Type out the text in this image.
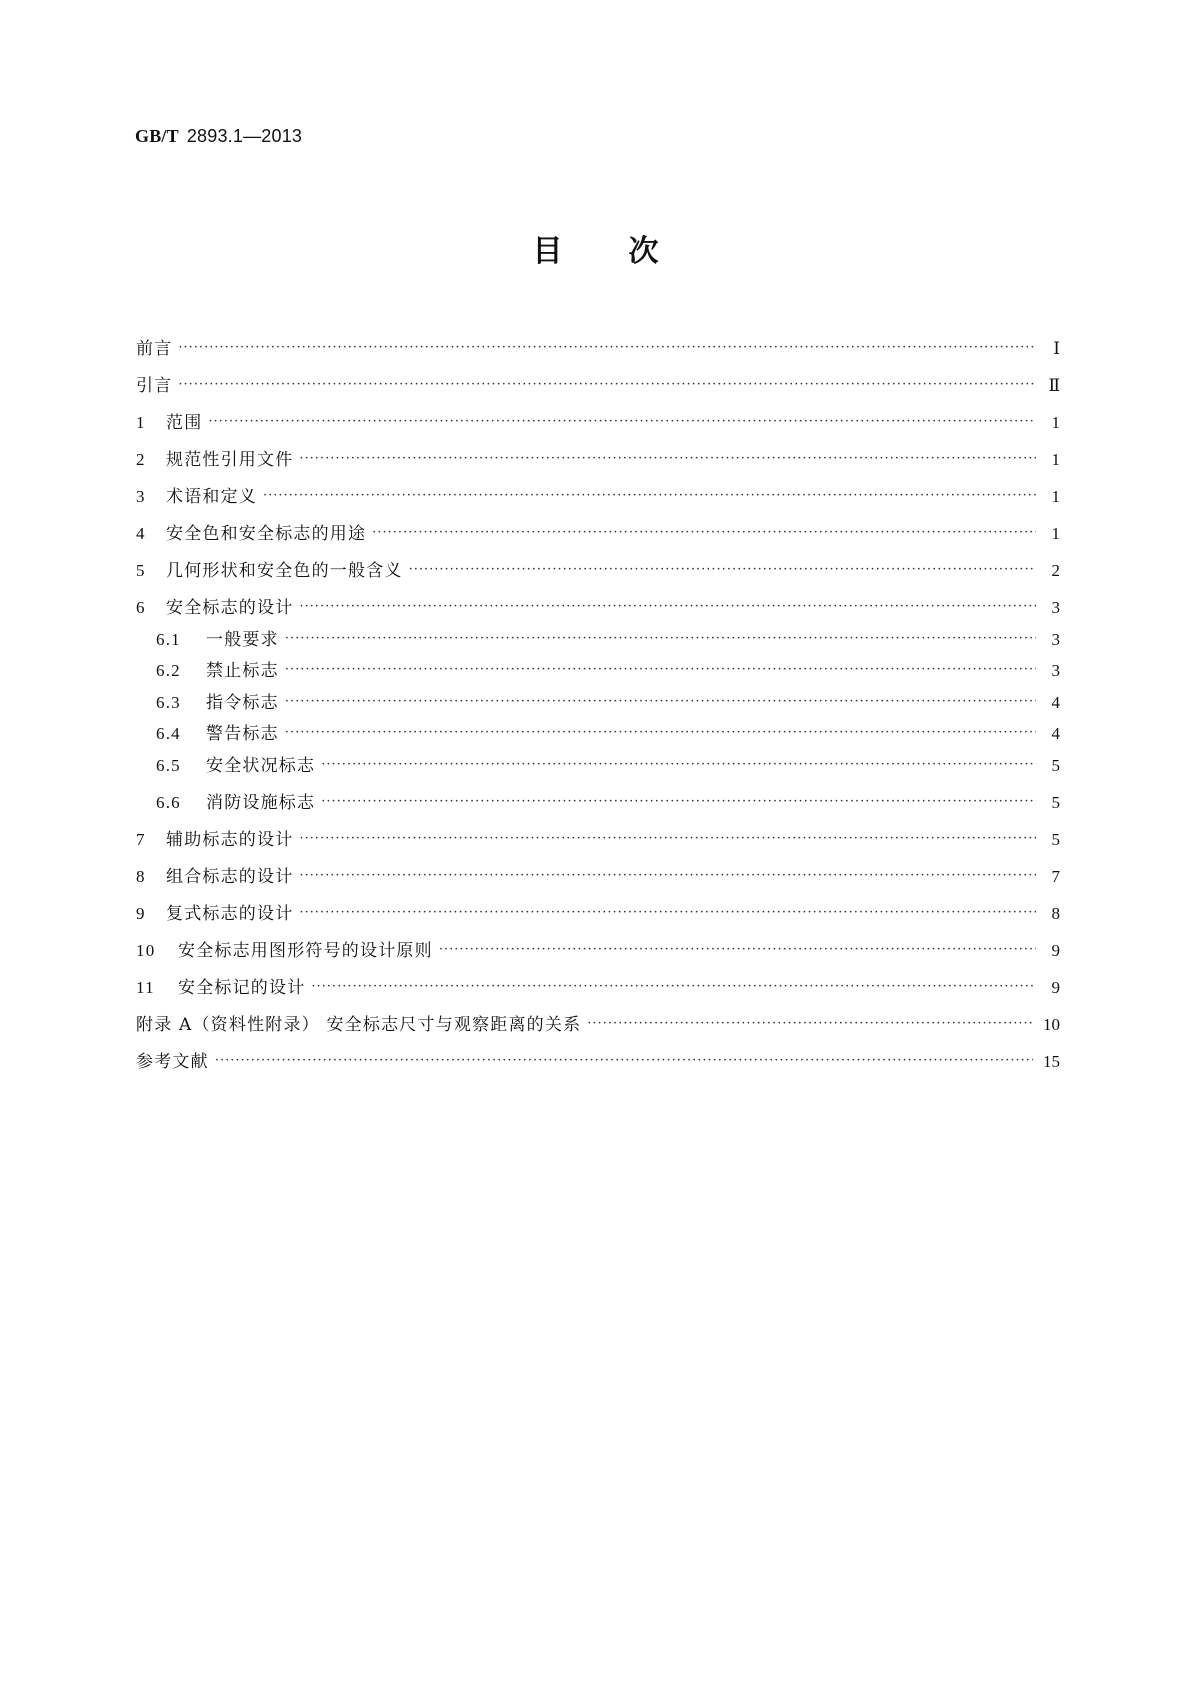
GB/T 2893.1—2013
目 次
前言 ·····	Ⅰ
引言 ·····	Ⅱ
1 范围 ·····	1
2 规范性引用文件 ·····	1
3 术语和定义 ·····	1
4 安全色和安全标志的用途 ·····	1
5 几何形状和安全色的一般含义 ·····	2
6 安全标志的设计 ·····	3
6.1 一般要求 ·····	3
6.2 禁止标志 ·····	3
6.3 指令标志 ·····	4
6.4 警告标志 ·····	4
6.5 安全状况标志 ·····	5
6.6 消防设施标志 ·····	5
7 辅助标志的设计 ·····	5
8 组合标志的设计 ·····	7
9 复式标志的设计 ·····	8
10 安全标志用图形符号的设计原则 ·····	9
11 安全标记的设计 ·····	9
附录 A（资料性附录） 安全标志尺寸与观察距离的关系 ·····	10
参考文献 ·····	15
